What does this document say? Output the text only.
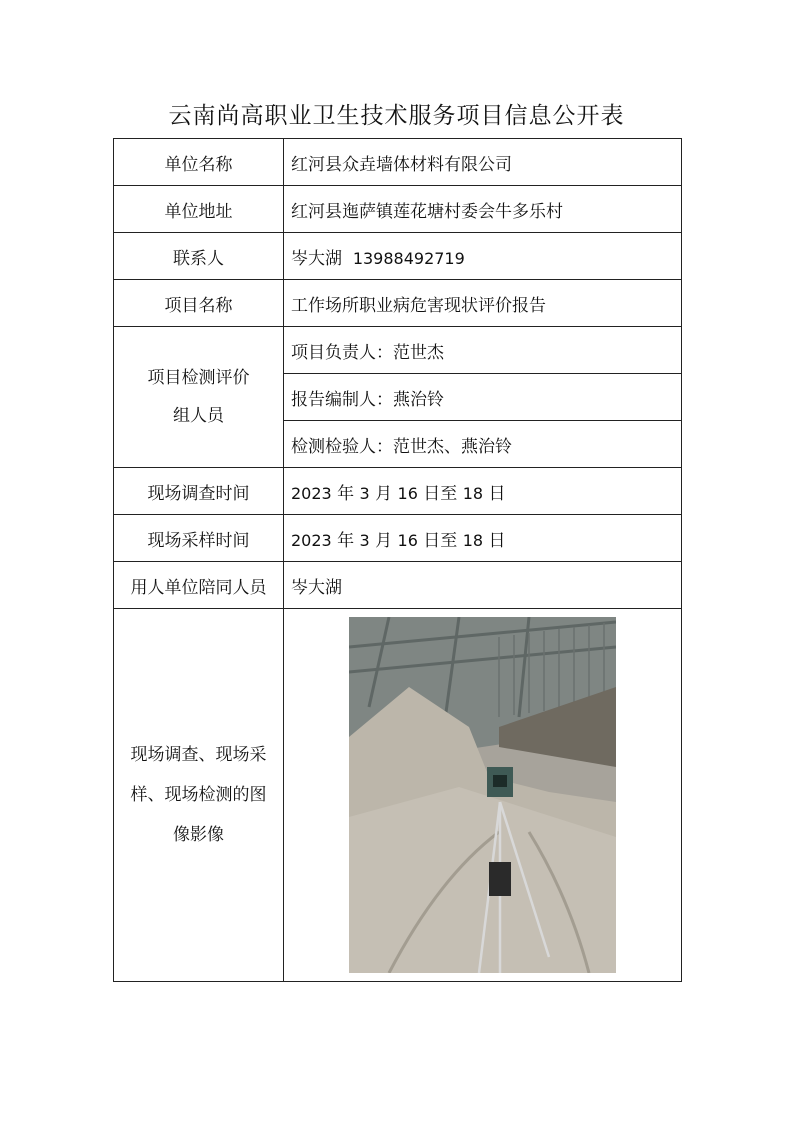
云南尚高职业卫生技术服务项目信息公开表
单位名称	红河县众垚墙体材料有限公司
单位地址	红河县迤萨镇莲花塘村委会牛多乐村
联系人	岑大湖 13988492719
项目名称	工作场所职业病危害现状评价报告

项目检测评价
组人员	项目负责人：范世杰
	报告编制人：燕治铃
	检测检验人：范世杰、燕治铃
现场调查时间	2023 年 3 月 16 日至 18 日
现场采样时间	2023 年 3 月 16 日至 18 日
用人单位陪同人员	岑大湖

现场调查、现场采
样、现场检测的图
像影像
